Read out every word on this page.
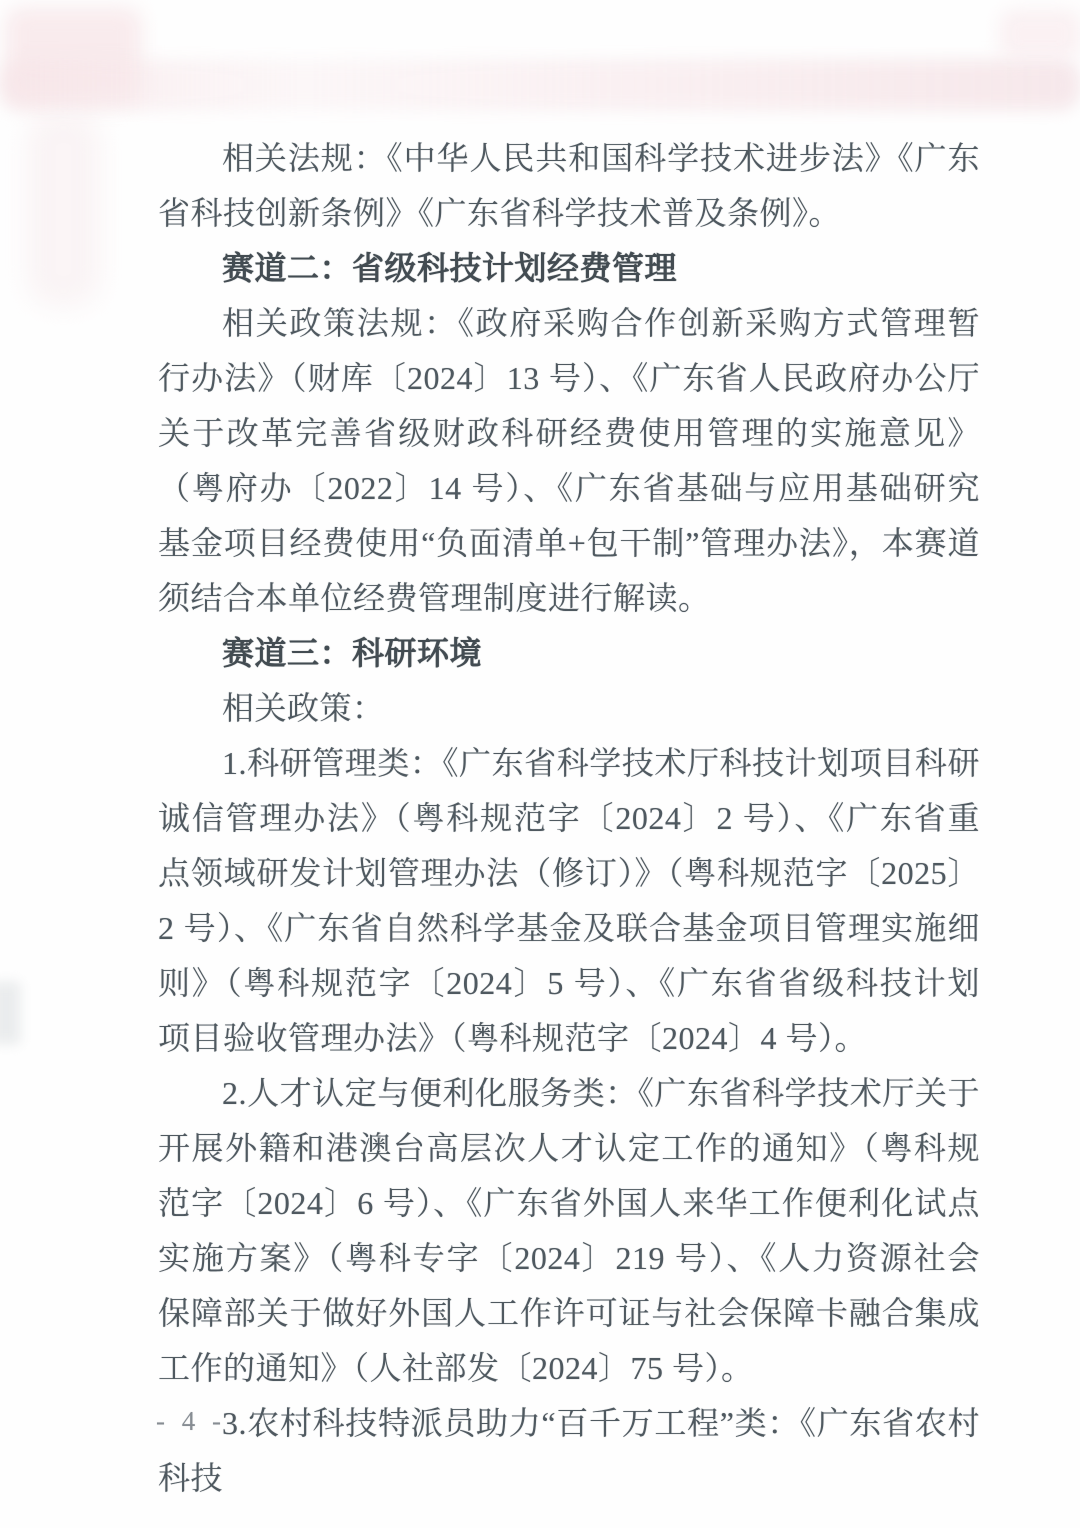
相关法规：《中华人民共和国科学技术进步法》《广东省科技创新条例》《广东省科学技术普及条例》。

赛道二：省级科技计划经费管理

相关政策法规：《政府采购合作创新采购方式管理暂行办法》（财库〔2024〕13 号）、《广东省人民政府办公厅关于改革完善省级财政科研经费使用管理的实施意见》（粤府办〔2022〕14 号）、《广东省基础与应用基础研究基金项目经费使用“负面清单+包干制”管理办法》，本赛道须结合本单位经费管理制度进行解读。

赛道三：科研环境

相关政策：

1.科研管理类：《广东省科学技术厅科技计划项目科研诚信管理办法》（粤科规范字〔2024〕2 号）、《广东省重点领域研发计划管理办法（修订）》（粤科规范字〔2025〕2 号）、《广东省自然科学基金及联合基金项目管理实施细则》（粤科规范字〔2024〕5 号）、《广东省省级科技计划项目验收管理办法》（粤科规范字〔2024〕4 号）。

2.人才认定与便利化服务类：《广东省科学技术厅关于开展外籍和港澳台高层次人才认定工作的通知》（粤科规范字〔2024〕6 号）、《广东省外国人来华工作便利化试点实施方案》（粤科专字〔2024〕219 号）、《人力资源社会保障部关于做好外国人工作许可证与社会保障卡融合集成工作的通知》（人社部发〔2024〕75 号）。

3.农村科技特派员助力“百千万工程”类：《广东省农村科技

- 4 -
